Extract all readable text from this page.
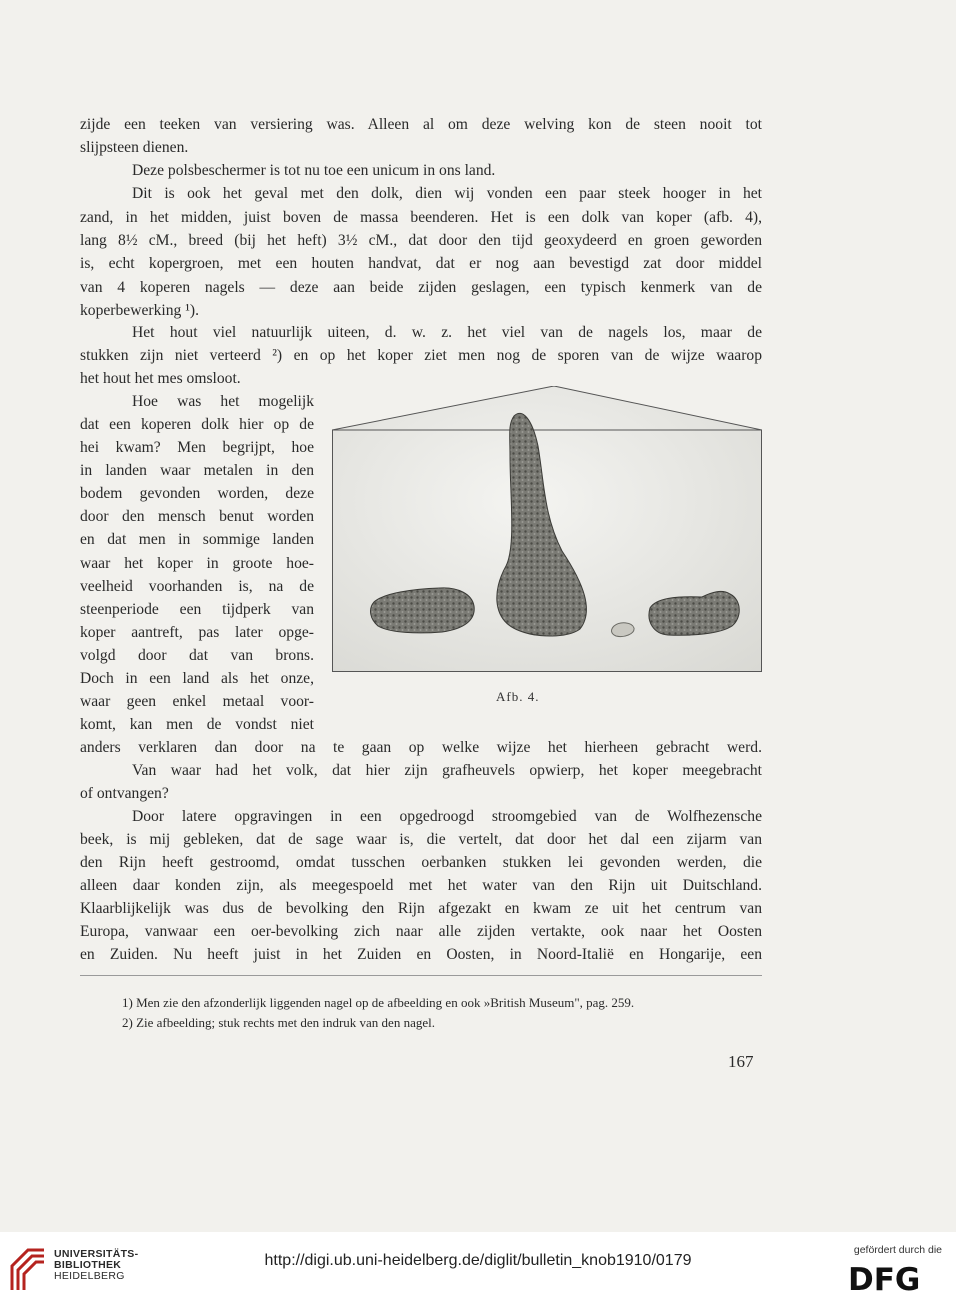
zijde een teeken van versiering was. Alleen al om deze welving kon de steen nooit tot
slijpsteen dienen.
Deze polsbeschermer is tot nu toe een unicum in ons land.
Dit is ook het geval met den dolk, dien wij vonden een paar steek hooger in het
zand, in het midden, juist boven de massa beenderen. Het is een dolk van koper (afb. 4),
lang 8½ cM., breed (bij het heft) 3½ cM., dat door den tijd geoxydeerd en groen geworden
is, echt kopergroen, met een houten handvat, dat er nog aan bevestigd zat door middel
van 4 koperen nagels — deze aan beide zijden geslagen, een typisch kenmerk van de
koperbewerking ¹).
Het hout viel natuurlijk uiteen, d. w. z. het viel van de nagels los, maar de
stukken zijn niet verteerd ²) en op het koper ziet men nog de sporen van de wijze waarop
het hout het mes omsloot.
Hoe was het mogelijk
dat een koperen dolk hier op de
hei kwam? Men begrijpt, hoe
in landen waar metalen in den
bodem gevonden worden, deze
door den mensch benut worden
en dat men in sommige landen
waar het koper in groote hoe-
veelheid voorhanden is, na de
steenperiode een tijdperk van
koper aantreft, pas later opge-
volgd door dat van brons.
Doch in een land als het onze,
waar geen enkel metaal voor-
komt, kan men de vondst niet
anders verklaren dan door na te gaan op welke wijze het hierheen gebracht werd.
Van waar had het volk, dat hier zijn grafheuvels opwierp, het koper meegebracht
of ontvangen?
Door latere opgravingen in een opgedroogd stroomgebied van de Wolfhezensche
beek, is mij gebleken, dat de sage waar is, die vertelt, dat door het dal een zijarm van
den Rijn heeft gestroomd, omdat tusschen oerbanken stukken lei gevonden werden, die
alleen daar konden zijn, als meegespoeld met het water van den Rijn uit Duitschland.
Klaarblijkelijk was dus de bevolking den Rijn afgezakt en kwam ze uit het centrum van
Europa, vanwaar een oer-bevolking zich naar alle zijden vertakte, ook naar het Oosten
en Zuiden. Nu heeft juist in het Zuiden en Oosten, in Noord-Italië en Hongarije, een
Afb. 4.
1) Men zie den afzonderlijk liggenden nagel op de afbeelding en ook »British Museum", pag. 259.
2) Zie afbeelding; stuk rechts met den indruk van den nagel.
167
UNIVERSITÄTS-
BIBLIOTHEK
HEIDELBERG
http://digi.ub.uni-heidelberg.de/diglit/bulletin_knob1910/0179
gefördert durch die
DFG
